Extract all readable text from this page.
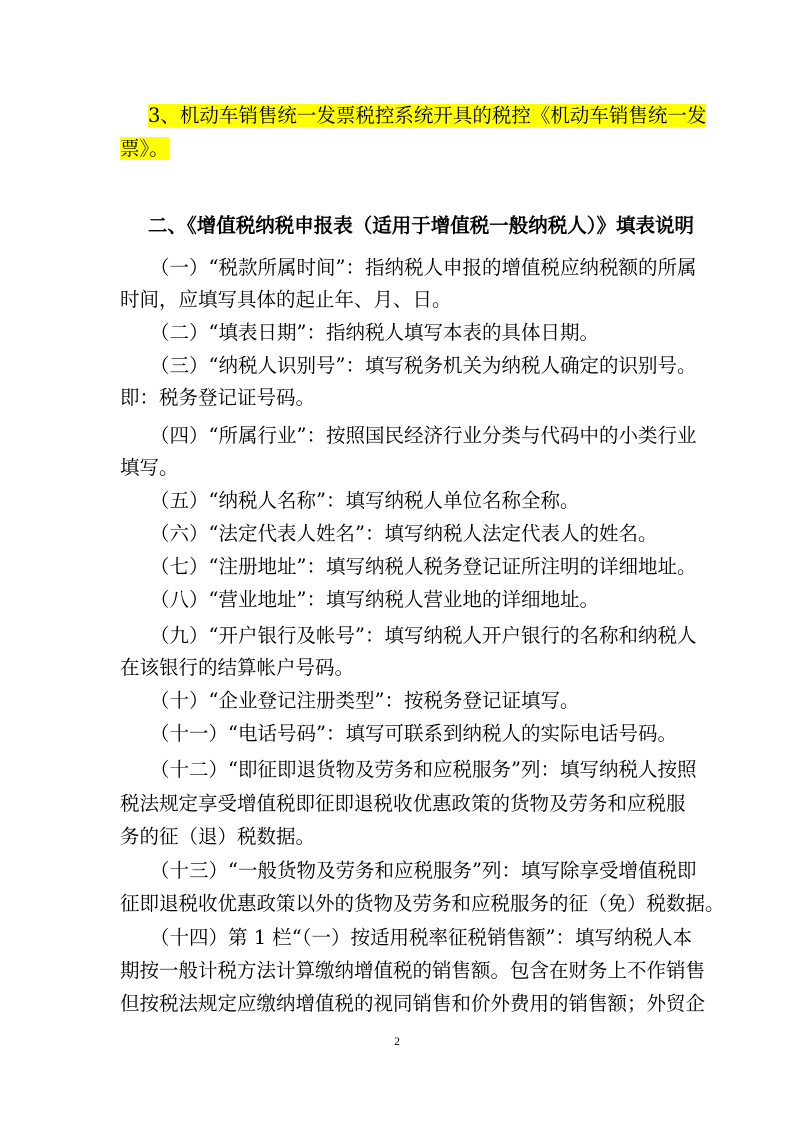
3、机动车销售统一发票税控系统开具的税控《机动车销售统一发
票》。
二、《增值税纳税申报表（适用于增值税一般纳税人）》填表说明
（一）“税款所属时间”：指纳税人申报的增值税应纳税额的所属
时间，应填写具体的起止年、月、日。
（二）“填表日期”：指纳税人填写本表的具体日期。
（三）“纳税人识别号”：填写税务机关为纳税人确定的识别号。
即：税务登记证号码。
（四）“所属行业”：按照国民经济行业分类与代码中的小类行业
填写。
（五）“纳税人名称”：填写纳税人单位名称全称。
（六）“法定代表人姓名”：填写纳税人法定代表人的姓名。
（七）“注册地址”：填写纳税人税务登记证所注明的详细地址。
（八）“营业地址”：填写纳税人营业地的详细地址。
（九）“开户银行及帐号”：填写纳税人开户银行的名称和纳税人
在该银行的结算帐户号码。
（十）“企业登记注册类型”：按税务登记证填写。
（十一）“电话号码”：填写可联系到纳税人的实际电话号码。
（十二）“即征即退货物及劳务和应税服务”列：填写纳税人按照
税法规定享受增值税即征即退税收优惠政策的货物及劳务和应税服
务的征（退）税数据。
（十三）“一般货物及劳务和应税服务”列：填写除享受增值税即
征即退税收优惠政策以外的货物及劳务和应税服务的征（免）税数据。
（十四）第 1 栏“（一）按适用税率征税销售额”：填写纳税人本
期按一般计税方法计算缴纳增值税的销售额。包含在财务上不作销售
但按税法规定应缴纳增值税的视同销售和价外费用的销售额；外贸企
2
